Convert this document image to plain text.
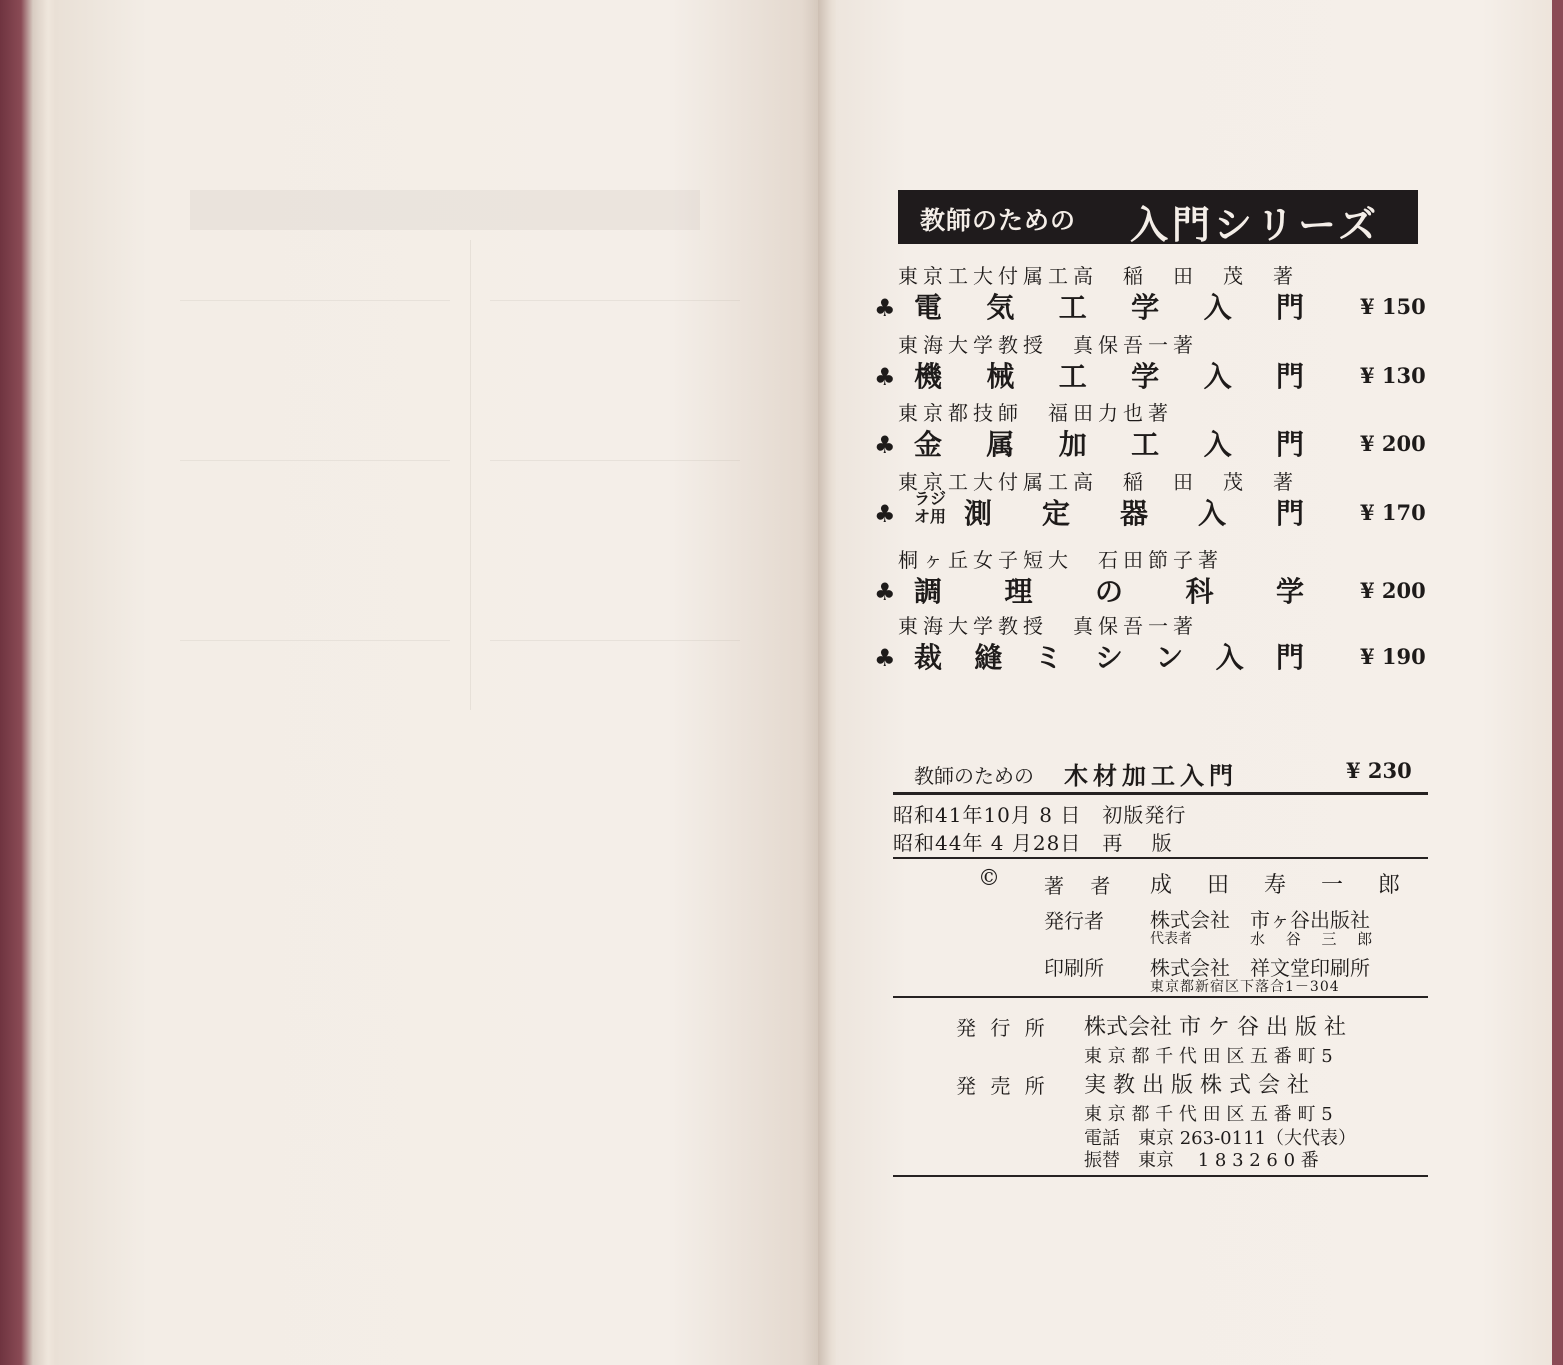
教師のための 入門シリーズ
東京工大付属工高　稲　田　茂　著
♣ 電 気 工 学 入 門	¥ 150
東海大学教授　真保吾一著
♣ 機 械 工 学 入 門	¥ 130
東京都技師　福田力也著
♣ 金 属 加 工 入 門	¥ 200
東京工大付属工高　稲　田　茂　著
♣
ラジオ用 測 定 器 入 門	¥ 170
桐ヶ丘女子短大　石田節子著
♣ 調 理 の 科 学	¥ 200
東海大学教授　真保吾一著
♣ 裁 縫 ミ シ ン 入 門	¥ 190
教師のための 木材加工入門	¥ 230
昭和41年10月 8 日　初版発行
昭和44年 4 月28日　再　 版
© 著 者 成 田 寿 一 郎
発行者 株式会社　市ヶ谷出版社
代表者	水 谷 三 郎
印刷所 株式会社　祥文堂印刷所
東京都新宿区下落合1－304
発 行 所 株式会社 市 ケ 谷 出 版 社
東 京 都 千 代 田 区 五 番 町 5
発 売 所 実 教 出 版 株 式 会 社
東 京 都 千 代 田 区 五 番 町 5
電話　東京 263-0111（大代表）
振替　東京　 1 8 3 2 6 0 番
